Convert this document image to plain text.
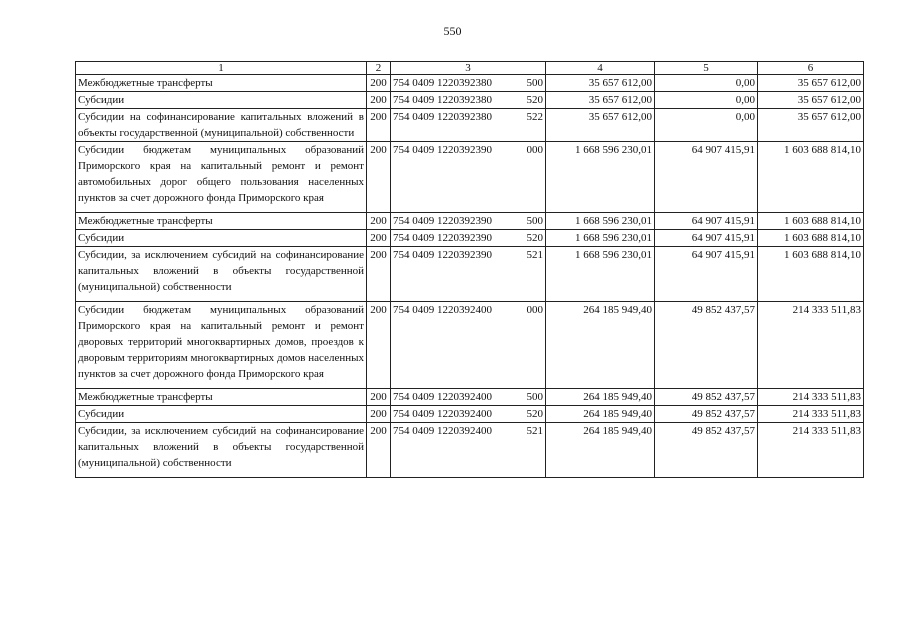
550
1	2	3	4	5	6
Межбюджетные трансферты	200	754 0409 1220392380 500	35 657 612,00	0,00	35 657 612,00
Субсидии	200	754 0409 1220392380 520	35 657 612,00	0,00	35 657 612,00
Субсидии на софинансирование капитальных вложений в объекты государственной (муниципальной) собственности	200	754 0409 1220392380 522	35 657 612,00	0,00	35 657 612,00
Субсидии бюджетам муниципальных образований Приморского края на капитальный ремонт и ремонт автомобильных дорог общего пользования населенных пунктов за счет дорожного фонда Приморского края	200	754 0409 1220392390 000	1 668 596 230,01	64 907 415,91	1 603 688 814,10
Межбюджетные трансферты	200	754 0409 1220392390 500	1 668 596 230,01	64 907 415,91	1 603 688 814,10
Субсидии	200	754 0409 1220392390 520	1 668 596 230,01	64 907 415,91	1 603 688 814,10
Субсидии, за исключением субсидий на софинансирование капитальных вложений в объекты государственной (муниципальной) собственности	200	754 0409 1220392390 521	1 668 596 230,01	64 907 415,91	1 603 688 814,10
Субсидии бюджетам муниципальных образований Приморского края на капитальный ремонт и ремонт дворовых территорий многоквартирных домов, проездов к дворовым территориям многоквартирных домов населенных пунктов за счет дорожного фонда Приморского края	200	754 0409 1220392400 000	264 185 949,40	49 852 437,57	214 333 511,83
Межбюджетные трансферты	200	754 0409 1220392400 500	264 185 949,40	49 852 437,57	214 333 511,83
Субсидии	200	754 0409 1220392400 520	264 185 949,40	49 852 437,57	214 333 511,83
Субсидии, за исключением субсидий на софинансирование капитальных вложений в объекты государственной (муниципальной) собственности	200	754 0409 1220392400 521	264 185 949,40	49 852 437,57	214 333 511,83
